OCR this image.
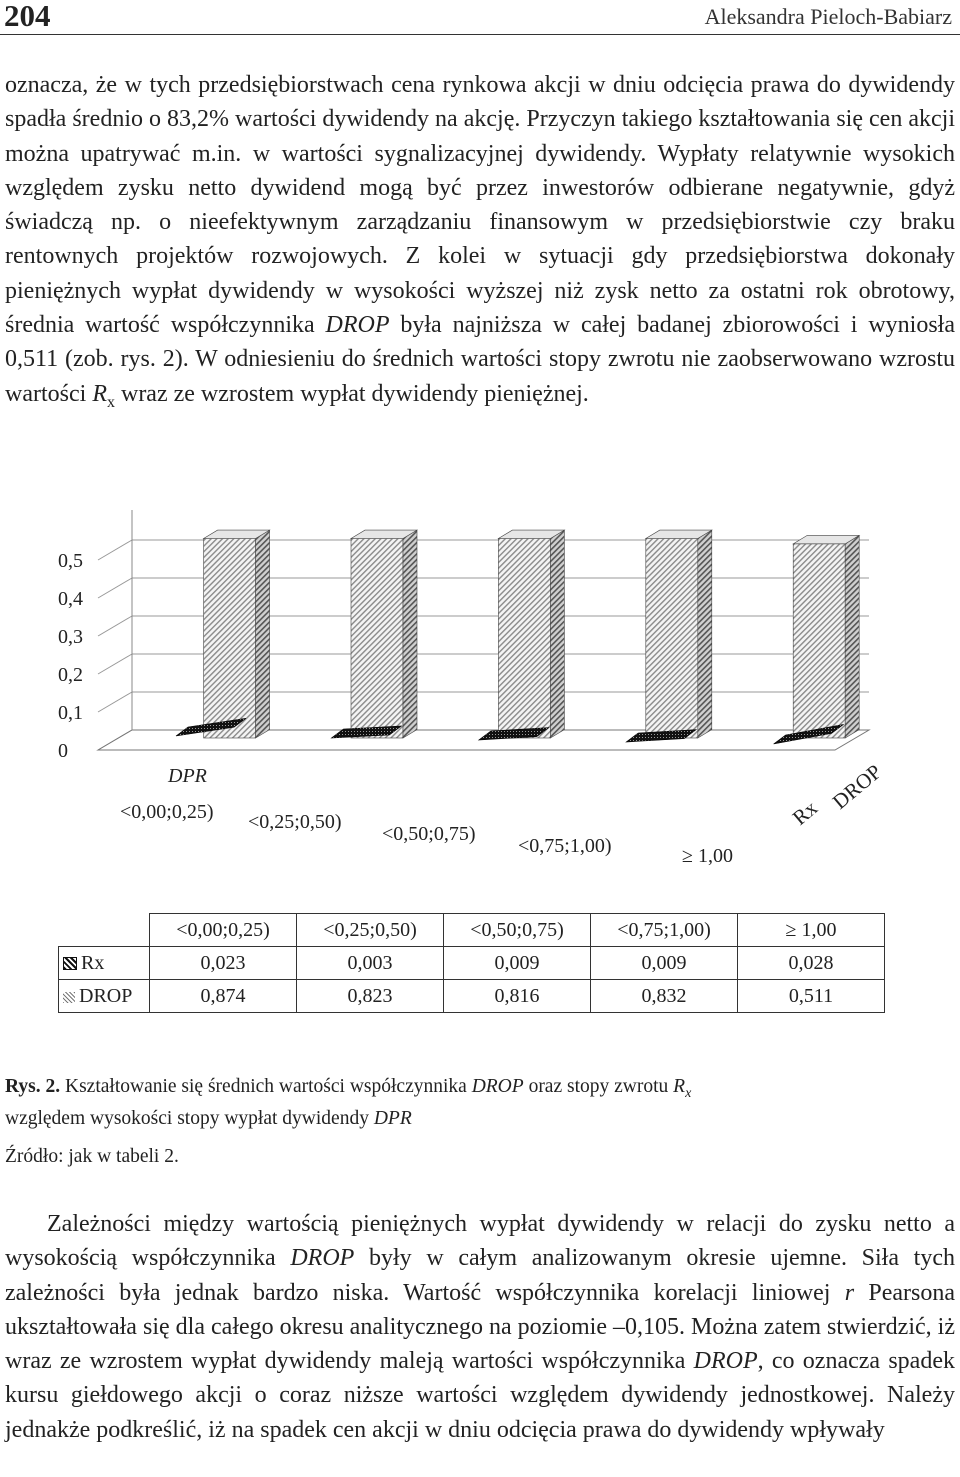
204	Aleksandra Pieloch-Babiarz
oznacza, że w tych przedsiębiorstwach cena rynkowa akcji w dniu odcięcia prawa do dywidendy spadła średnio o 83,2% wartości dywidendy na akcję. Przyczyn takiego kształtowania się cen akcji można upatrywać m.in. w wartości sygnalizacyjnej dywidendy. Wypłaty relatywnie wysokich względem zysku netto dywidend mogą być przez inwestorów odbierane negatywnie, gdyż świadczą np. o nieefektywnym zarządzaniu finansowym w przedsiębiorstwie czy braku rentownych projektów rozwojowych. Z kolei w sytuacji gdy przedsiębiorstwa dokonały pieniężnych wypłat dywidendy w wysokości wyższej niż zysk netto za ostatni rok obrotowy, średnia wartość współczynnika DROP była najniższa w całej badanej zbiorowości i wyniosła 0,511 (zob. rys. 2). W odniesieniu do średnich wartości stopy zwrotu nie zaobserwowano wzrostu wartości $R_x$ wraz ze wzrostem wypłat dywidendy pieniężnej.
0,5
0,4
0,3
0,2
0,1
0
<0,00;0,25) <0,25;0,50)
<0,50;0,75)
<0,75;1,00)	≥ 1,00
DPR
Rx DROP
	<0,00;0,25)	<0,25;0,50)	<0,50;0,75)	<0,75;1,00)	≥ 1,00
Rx	0,023	0,003	0,009	0,009	0,028
DROP	0,874	0,823	0,816	0,832	0,511
Rys. 2. Kształtowanie się średnich wartości współczynnika DROP oraz stopy zwrotu $R_x$
względem wysokości stopy wypłat dywidendy DPR
Źródło: jak w tabeli 2.
Zależności między wartością pieniężnych wypłat dywidendy w relacji do zysku netto a wysokością współczynnika DROP były w całym analizowanym okresie ujemne. Siła tych zależności była jednak bardzo niska. Wartość współczynnika korelacji liniowej r Pearsona ukształtowała się dla całego okresu analitycznego na poziomie –0,105. Można zatem stwierdzić, iż wraz ze wzrostem wypłat dywidendy maleją wartości współczynnika DROP, co oznacza spadek kursu giełdowego akcji o coraz niższe wartości względem dywidendy jednostkowej. Należy jednakże podkreślić, iż na spadek cen akcji w dniu odcięcia prawa do dywidendy wpływały
